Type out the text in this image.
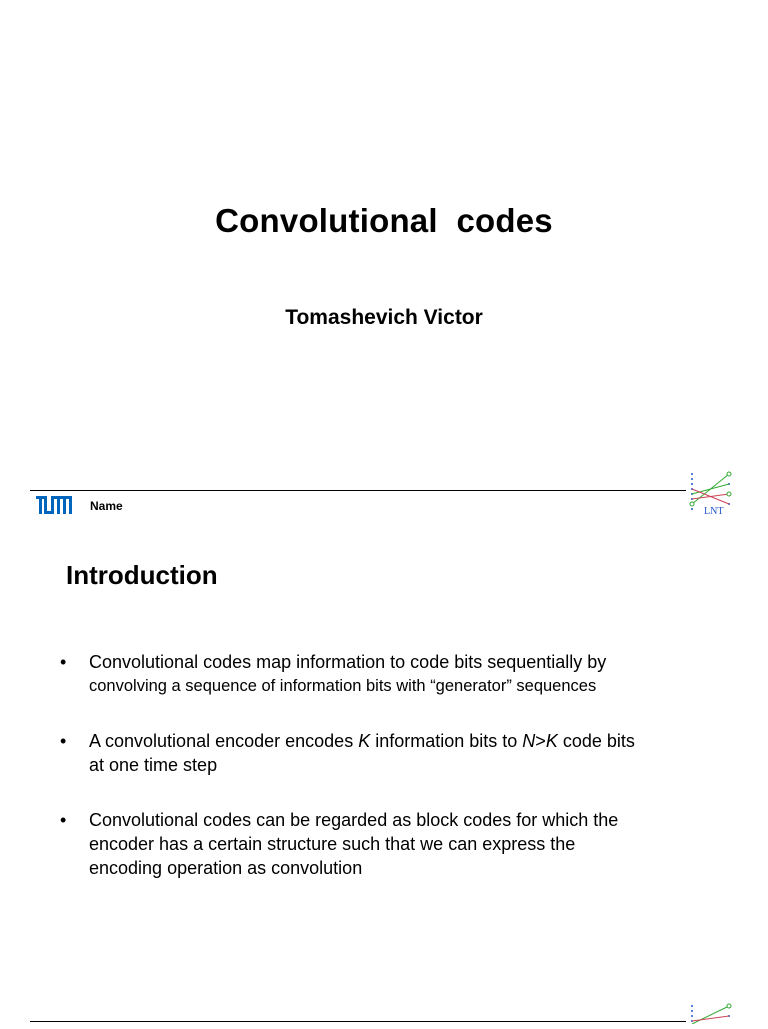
Convolutional  codes
Tomashevich Victor
Name	LNT
Introduction
• Convolutional codes map information to code bits sequentially by
convolving a sequence of information bits with “generator” sequences
• A convolutional encoder encodes K information bits to N>K code bits
at one time step
• Convolutional codes can be regarded as block codes for which the
encoder has a certain structure such that we can express the
encoding operation as convolution
